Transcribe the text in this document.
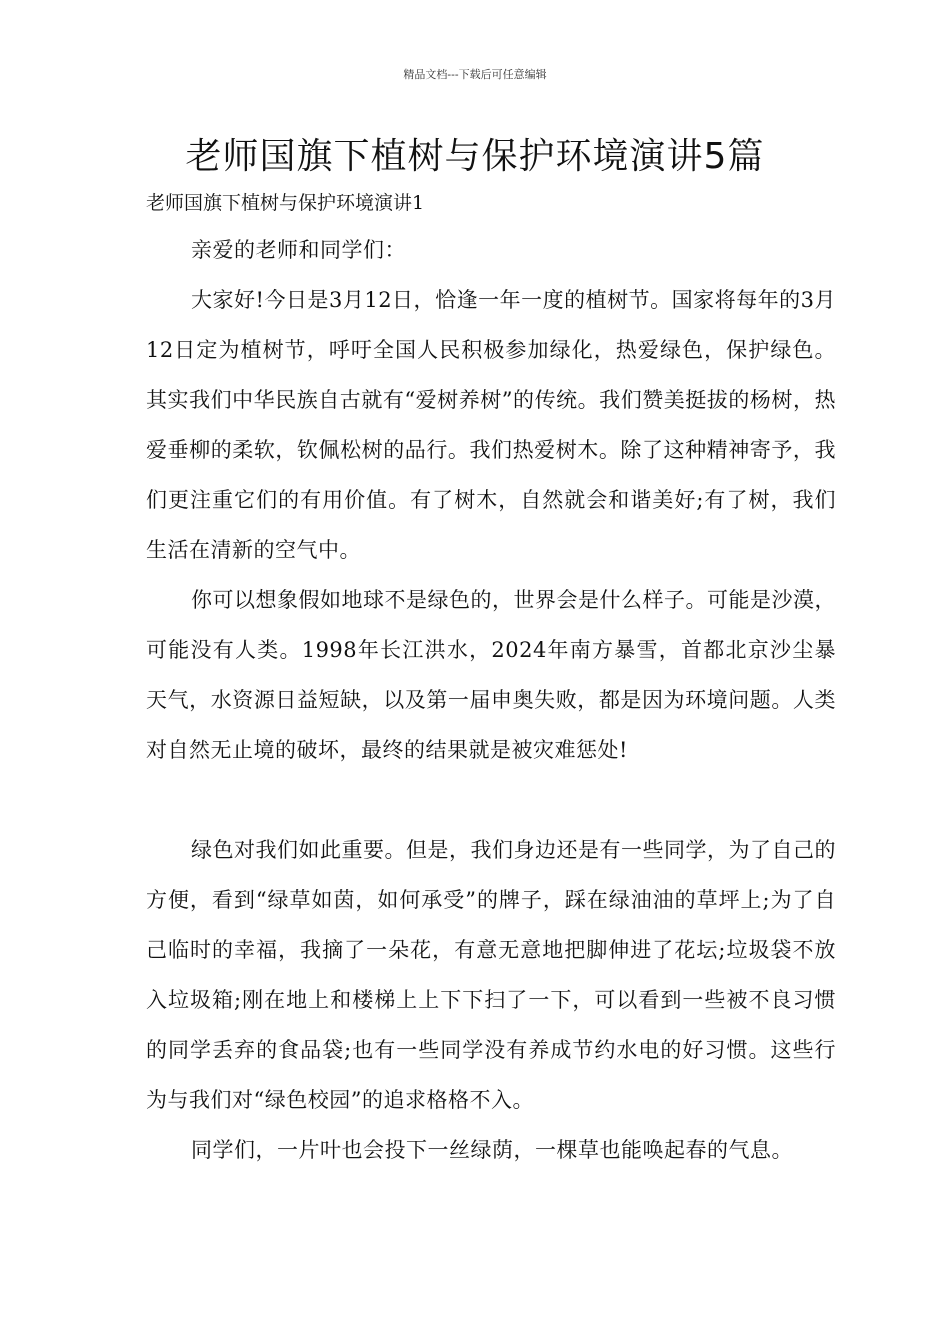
精品文档---下载后可任意编辑
老师国旗下植树与保护环境演讲5篇
老师国旗下植树与保护环境演讲1

亲爱的老师和同学们：

大家好!今日是3月12日，恰逢一年一度的植树节。国家将每年的3月12日定为植树节，呼吁全国人民积极参加绿化，热爱绿色，保护绿色。其实我们中华民族自古就有“爱树养树”的传统。我们赞美挺拔的杨树，热爱垂柳的柔软，钦佩松树的品行。我们热爱树木。除了这种精神寄予，我们更注重它们的有用价值。有了树木，自然就会和谐美好;有了树，我们生活在清新的空气中。

你可以想象假如地球不是绿色的，世界会是什么样子。可能是沙漠，可能没有人类。1998年长江洪水，2024年南方暴雪，首都北京沙尘暴天气，水资源日益短缺，以及第一届申奥失败，都是因为环境问题。人类对自然无止境的破坏，最终的结果就是被灾难惩处!

绿色对我们如此重要。但是，我们身边还是有一些同学，为了自己的方便，看到“绿草如茵，如何承受”的牌子，踩在绿油油的草坪上;为了自己临时的幸福，我摘了一朵花，有意无意地把脚伸进了花坛;垃圾袋不放入垃圾箱;刚在地上和楼梯上上下下扫了一下，可以看到一些被不良习惯的同学丢弃的食品袋;也有一些同学没有养成节约水电的好习惯。这些行为与我们对“绿色校园”的追求格格不入。

同学们，一片叶也会投下一丝绿荫，一棵草也能唤起春的气息。
